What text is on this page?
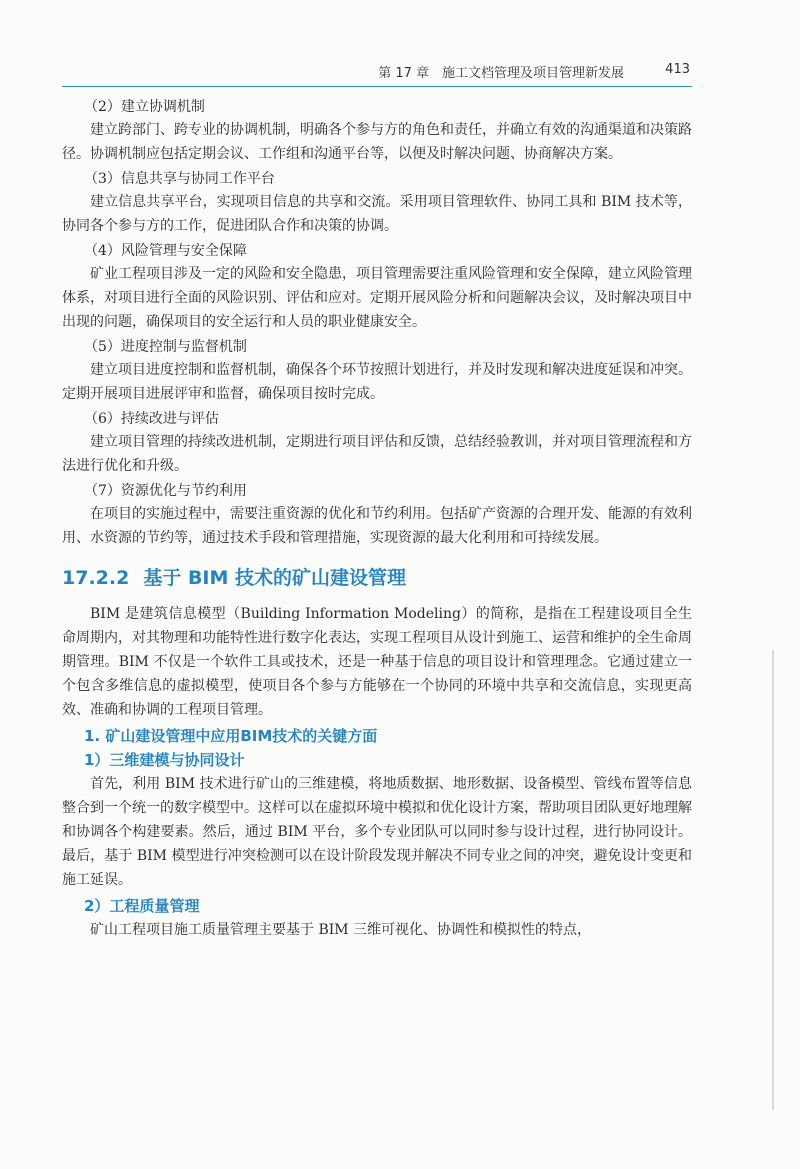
第 17 章　施工文档管理及项目管理新发展	413
（2）建立协调机制
建立跨部门、跨专业的协调机制，明确各个参与方的角色和责任，并确立有效的沟通渠道和决策路径。协调机制应包括定期会议、工作组和沟通平台等，以便及时解决问题、协商解决方案。
（3）信息共享与协同工作平台
建立信息共享平台，实现项目信息的共享和交流。采用项目管理软件、协同工具和 BIM 技术等，协同各个参与方的工作，促进团队合作和决策的协调。
（4）风险管理与安全保障
矿业工程项目涉及一定的风险和安全隐患，项目管理需要注重风险管理和安全保障，建立风险管理体系，对项目进行全面的风险识别、评估和应对。定期开展风险分析和问题解决会议，及时解决项目中出现的问题，确保项目的安全运行和人员的职业健康安全。
（5）进度控制与监督机制
建立项目进度控制和监督机制，确保各个环节按照计划进行，并及时发现和解决进度延误和冲突。定期开展项目进展评审和监督，确保项目按时完成。
（6）持续改进与评估
建立项目管理的持续改进机制，定期进行项目评估和反馈，总结经验教训，并对项目管理流程和方法进行优化和升级。
（7）资源优化与节约利用
在项目的实施过程中，需要注重资源的优化和节约利用。包括矿产资源的合理开发、能源的有效利用、水资源的节约等，通过技术手段和管理措施，实现资源的最大化利用和可持续发展。
17.2.2 基于 BIM 技术的矿山建设管理
BIM 是建筑信息模型（Building Information Modeling）的简称，是指在工程建设项目全生命周期内，对其物理和功能特性进行数字化表达，实现工程项目从设计到施工、运营和维护的全生命周期管理。BIM 不仅是一个软件工具或技术，还是一种基于信息的项目设计和管理理念。它通过建立一个包含多维信息的虚拟模型，使项目各个参与方能够在一个协同的环境中共享和交流信息，实现更高效、准确和协调的工程项目管理。
1. 矿山建设管理中应用BIM技术的关键方面
1）三维建模与协同设计
首先，利用 BIM 技术进行矿山的三维建模，将地质数据、地形数据、设备模型、管线布置等信息整合到一个统一的数字模型中。这样可以在虚拟环境中模拟和优化设计方案，帮助项目团队更好地理解和协调各个构建要素。然后，通过 BIM 平台，多个专业团队可以同时参与设计过程，进行协同设计。最后，基于 BIM 模型进行冲突检测可以在设计阶段发现并解决不同专业之间的冲突，避免设计变更和施工延误。
2）工程质量管理
矿山工程项目施工质量管理主要基于 BIM 三维可视化、协调性和模拟性的特点，
